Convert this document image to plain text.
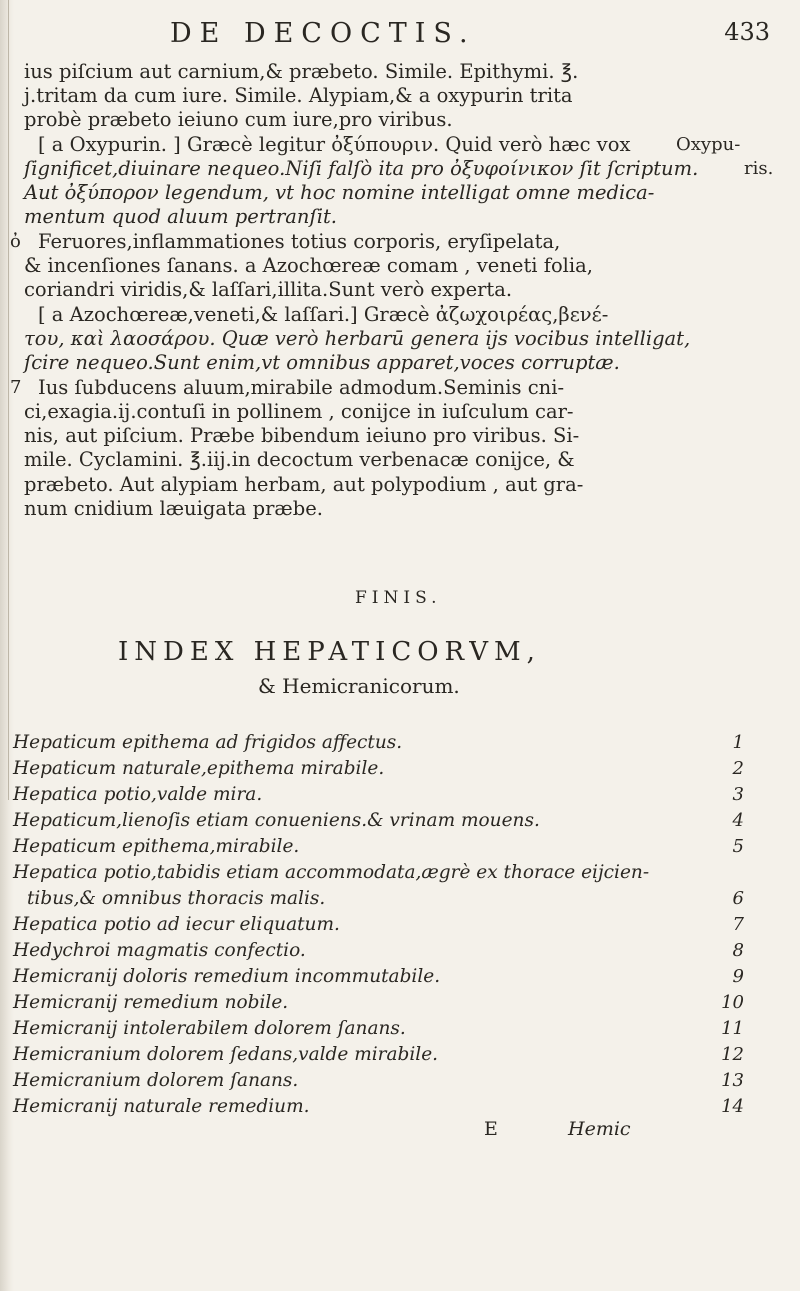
DE DECOCTIS.	433
ius piſcium aut carnium,& præbeto. Simile. Epithymi. ℥.
j.tritam da cum iure. Simile. Alypiam,& a oxypurin trita
probè præbeto ieiuno cum iure,pro viribus.
[ a Oxypurin. ] Græcè legitur ὀξύπουριν. Quid verò hæc vox
ſignificet,diuinare nequeo.Niſi falſò ita pro ὀξυφοίνικον ſit ſcriptum.
Aut ὀξύπορον legendum, vt hoc nomine intelligat omne medica-
mentum quod aluum pertranſit.
Feruores,inflammationes totius corporis, eryſipelata,
& incenſiones ſanans. a Azochœreæ comam , veneti folia,
coriandri viridis,& laſſari,illita.Sunt verò experta.
[ a Azochœreæ,veneti,& laſſari.] Græcè ἀζωχοιρέας,βενέ-
του, καὶ λαοσάρου. Quæ verò herbarū genera ijs vocibus intelligat,
ſcire nequeo.Sunt enim,vt omnibus apparet,voces corruptæ.
Ius ſubducens aluum,mirabile admodum.Seminis cni-
ci,exagia.ij.contuſi in pollinem , conijce in iuſculum car-
nis, aut piſcium. Præbe bibendum ieiuno pro viribus. Si-
mile. Cyclamini. ℥.iij.in decoctum verbenacæ conijce, &
præbeto. Aut alypiam herbam, aut polypodium , aut gra-
num cnidium læuigata præbe.
Oxypu-
ris.
ὀ
7
FINIS.
INDEX HEPATICORVM,
& Hemicranicorum.
Hepaticum epithema ad frigidos affectus.	1
Hepaticum naturale,epithema mirabile.	2
Hepatica potio,valde mira.	3
Hepaticum,lienoſis etiam conueniens.& vrinam mouens.	4
Hepaticum epithema,mirabile.	5
Hepatica potio,tabidis etiam accommodata,ægrè ex thorace eijcien-
tibus,& omnibus thoracis malis.	6
Hepatica potio ad iecur eliquatum.	7
Hedychroi magmatis confectio.	8
Hemicranij doloris remedium incommutabile.	9
Hemicranij remedium nobile.	10
Hemicranij intolerabilem dolorem ſanans.	11
Hemicranium dolorem ſedans,valde mirabile.	12
Hemicranium dolorem ſanans.	13
Hemicranij naturale remedium.	14
E	Hemic
